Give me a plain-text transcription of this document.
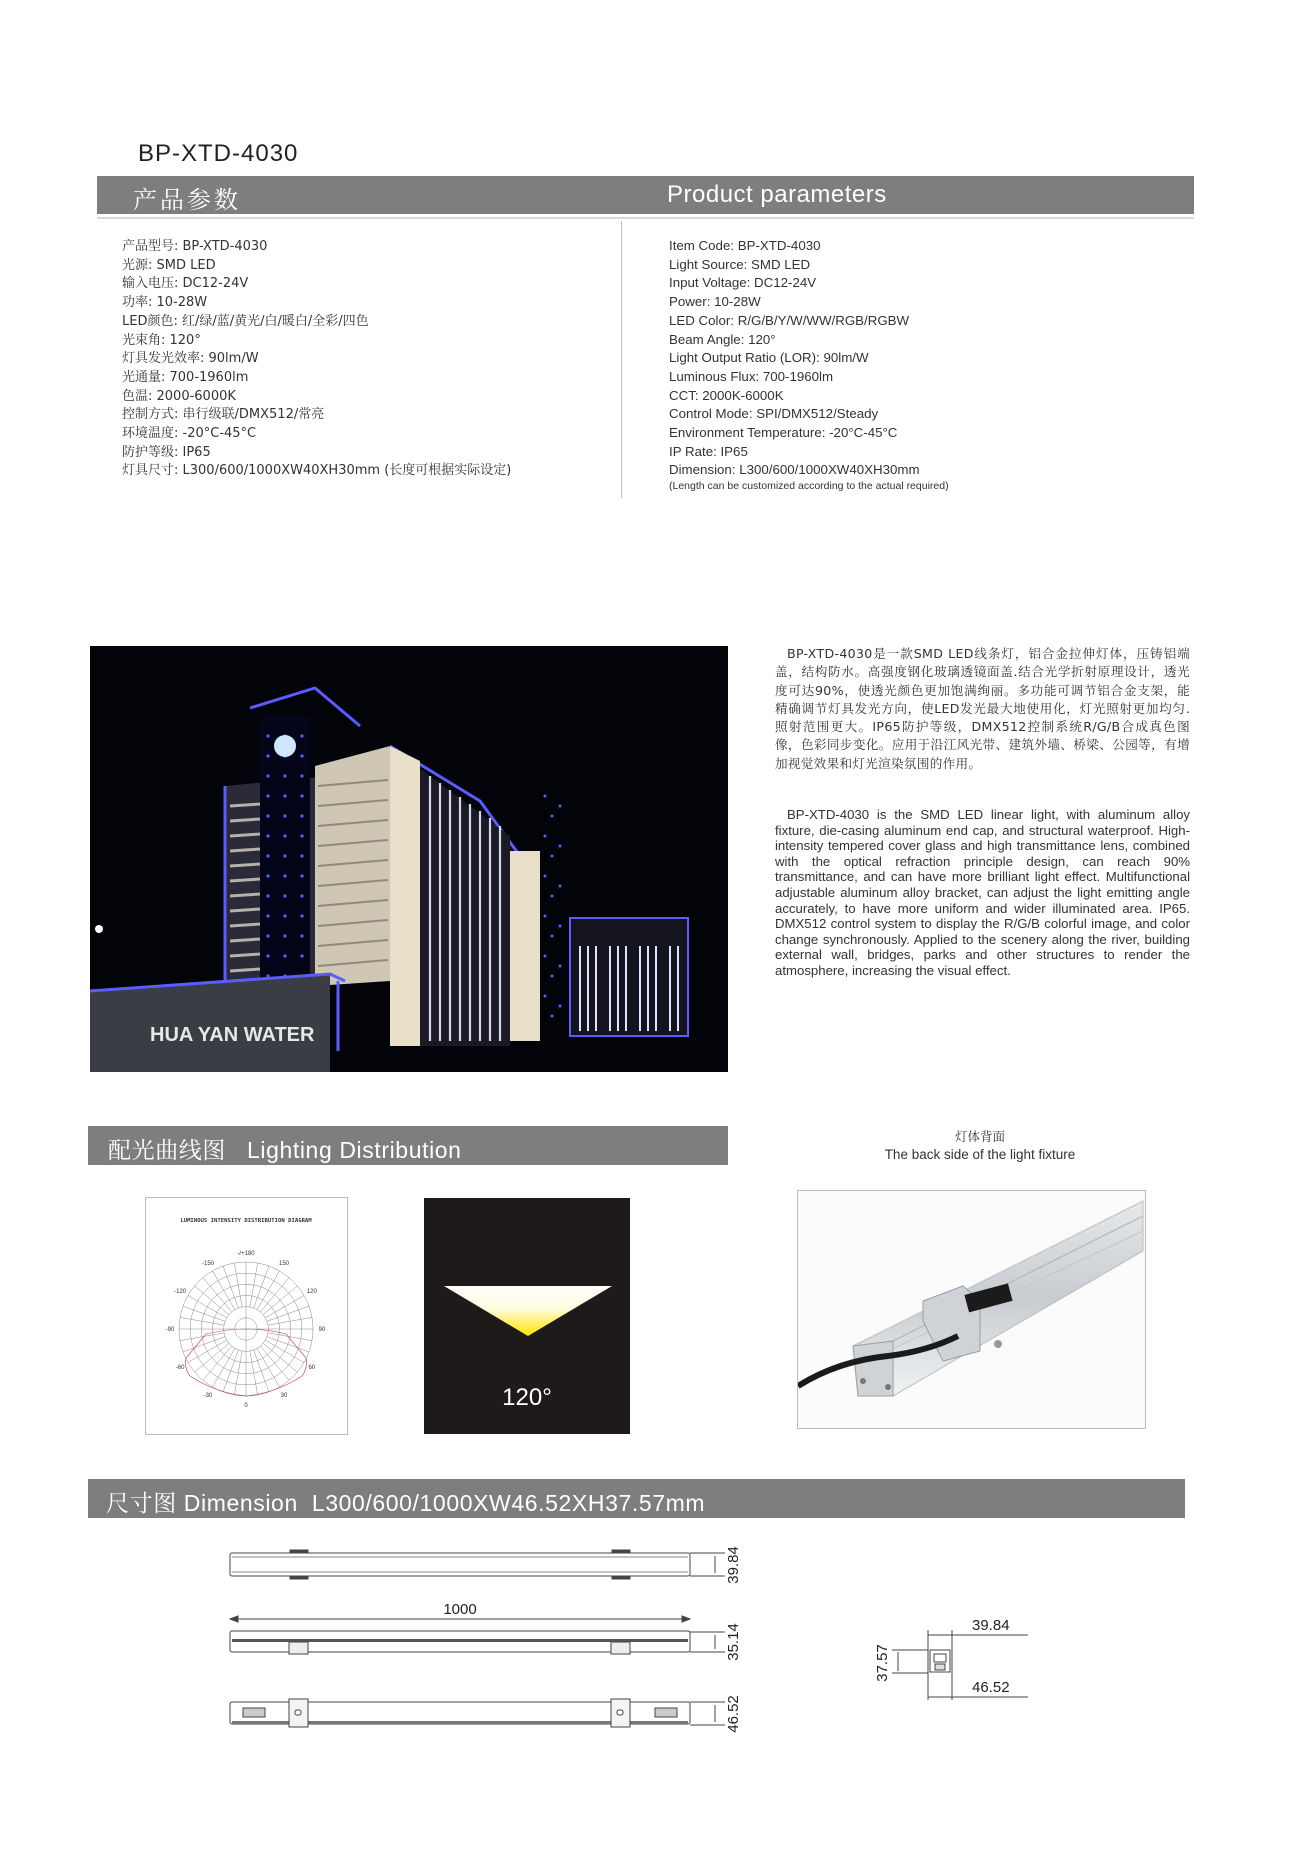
BP-XTD-4030
产品参数	Product parameters
产品型号: BP-XTD-4030
光源: SMD LED
输入电压: DC12-24V
功率: 10-28W
LED颜色: 红/绿/蓝/黄光/白/暖白/全彩/四色
光束角: 120°
灯具发光效率: 90lm/W
光通量: 700-1960lm
色温: 2000-6000K
控制方式: 串行级联/DMX512/常亮
环境温度: -20°C-45°C
防护等级: IP65
灯具尺寸: L300/600/1000XW40XH30mm (长度可根据实际设定)
Item Code: BP-XTD-4030
Light Source: SMD LED
Input Voltage: DC12-24V
Power: 10-28W
LED Color: R/G/B/Y/W/WW/RGB/RGBW
Beam Angle: 120°
Light Output Ratio (LOR): 90lm/W
Luminous Flux: 700-1960lm
CCT: 2000K-6000K
Control Mode: SPI/DMX512/Steady
Environment Temperature: -20°C-45°C
IP Rate: IP65
Dimension: L300/600/1000XW40XH30mm
(Length can be customized according to the actual required)
HUA YAN WATER
BP-XTD-4030是一款SMD LED线条灯，铝合金拉伸灯体，压铸铝端盖，结构防水。高强度钢化玻璃透镜面盖.结合光学折射原理设计，透光度可达90%，使透光颜色更加饱满绚丽。多功能可调节铝合金支架，能精确调节灯具发光方向，使LED发光最大地使用化，灯光照射更加均匀.照射范围更大。IP65防护等级，DMX512控制系统R/G/B合成真色图像，色彩同步变化。应用于沿江风光带、建筑外墙、桥梁、公园等，有增加视觉效果和灯光渲染氛围的作用。
BP-XTD-4030 is the SMD LED linear light, with aluminum alloy fixture, die-casing aluminum end cap, and structural waterproof. High-intensity tempered cover glass and high transmittance lens, combined with the optical refraction principle design, can reach 90% transmittance, and can have more brilliant light effect. Multifunctional adjustable aluminum alloy bracket, can adjust the light emitting angle accurately, to have more uniform and wider illuminated area. IP65. DMX512 control system to display the R/G/B colorful image, and color change synchronously. Applied to the scenery along the river, building external wall, bridges, parks and other structures to render the atmosphere, increasing the visual effect.
配光曲线图   Lighting Distribution
灯体背面
The back side of the light fixture
LUMINOUS INTENSITY DISTRIBUTION DIAGRAM
-/+180
-150	150
-120	120
-90	90
-60	60
-30	30
0	120°
尺寸图 Dimension  L300/600/1000XW46.52XH37.57mm
1000
39.84
35.14
46.52
39.84
46.52
37.57
